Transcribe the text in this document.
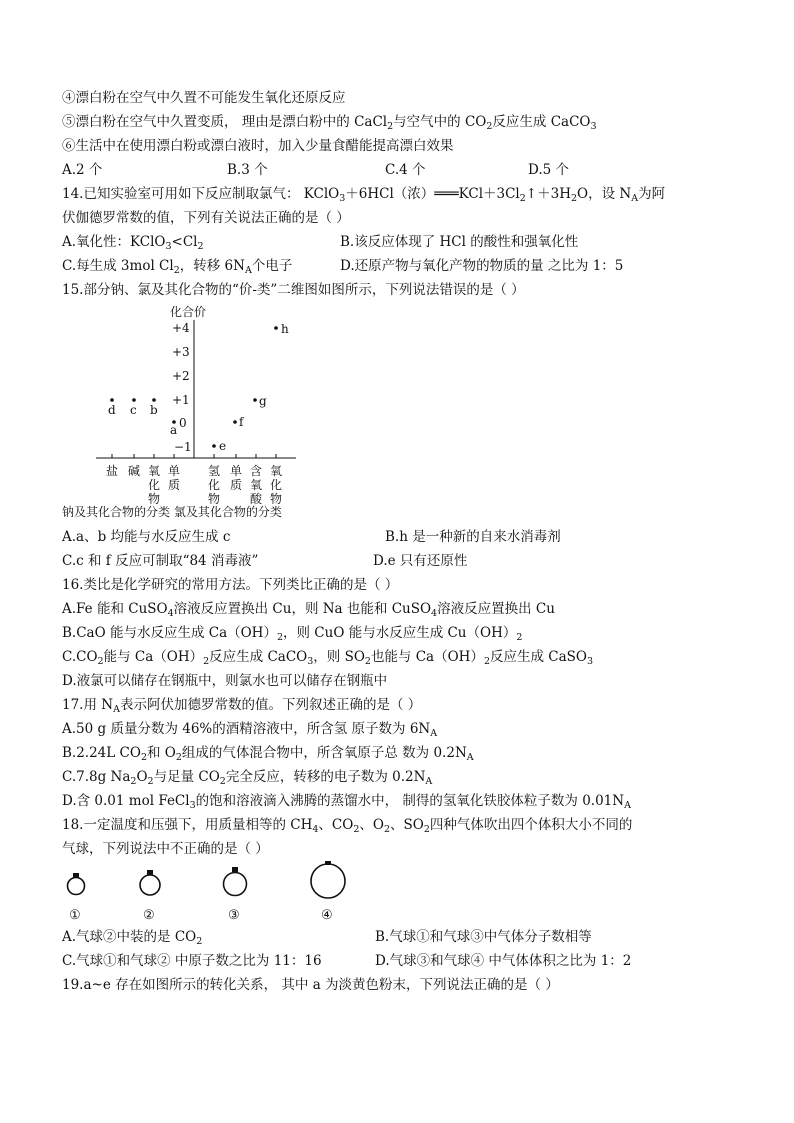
④漂白粉在空气中久置不可能发生氧化还原反应
⑤漂白粉在空气中久置变质， 理由是漂白粉中的 CaCl$_2$与空气中的 $CO_2$反应生成 CaCO$_3$
⑥生活中在使用漂白粉或漂白液时，加入少量食醋能提高漂白效果
A.2 个	B.3 个	C.4 个	D.5 个
14.已知实验室可用如下反应制取氯气： KClO$_3$＋6HCl（浓）$═══KCl+3Cl_2↑+3H_2O$，设 $N_A$为阿
伏伽德罗常数的值，下列有关说法正确的是（ ）
A.氧化性：$KClO_3<Cl_2$	B.该反应体现了 HCl 的酸性和强氧化性
C.每生成 3mol $Cl_2$，转移 $6N_A$个电子	D.还原产物与氧化产物的物质的量 之比为 1：5
15.部分钠、氯及其化合物的“价-类”二维图如图所示，下列说法错误的是（ ）
化合价
+4
+3
+2
+1
0
−1
盐 碱 氧化物
单质
氢化物
单质
含氧酸
氧化物
d c b
a
e
f
g
h
钠及其化合物的分类 氯及其化合物的分类
A.a、b 均能与水反应生成 c	B.h 是一种新的自来水消毒剂
C.c 和 f 反应可制取“84 消毒液”	D.e 只有还原性
16.类比是化学研究的常用方法。下列类比正确的是（ ）
A.Fe 能和 CuSO$_4$溶液反应置换出 Cu，则 Na 也能和 CuSO$_4$溶液反应置换出 Cu
B.CaO 能与水反应生成 $Ca(OH)_2$，则 CuO 能与水反应生成 $Cu(OH)_2$
$C.CO_2$能与 $Ca(OH)_2$反应生成 CaCO$_3$，则 $SO_2$也能与 $Ca(OH)_2$反应生成 CaSO$_3$
D.液氯可以储存在钢瓶中，则氯水也可以储存在钢瓶中
17.用 $N_A$表示阿伏加德罗常数的值。下列叙述正确的是（ ）
A.50 g 质量分数为 46%的酒精溶液中，所含氢 原子数为 $6N_A$
B.2.24L $CO_2$和 $O_2$组成的气体混合物中，所含氧原子总 数为 $0.2N_A$
C.7.8g $Na_2O_2$与足量 $CO_2$完全反应，转移的电子数为 $0.2N_A$
D.含 0.01 mol FeCl$_3$的饱和溶液滴入沸腾的蒸馏水中， 制得的氢氧化铁胶体粒子数为 $0.01N_A$
18.一定温度和压强下，用质量相等的 $CH_4$、$CO_2$、$O_2$、$SO_2$四种气体吹出四个体积大小不同的
气球，下列说法中不正确的是（ ）
①	②	③	④
A.气球②中装的是 $CO_2$	B.气球①和气球③中气体分子数相等
C.气球①和气球② 中原子数之比为 11：16	D.气球③和气球④ 中气体体积之比为 1：2
19.a~e 存在如图所示的转化关系， 其中 a 为淡黄色粉末，下列说法正确的是（ ）
